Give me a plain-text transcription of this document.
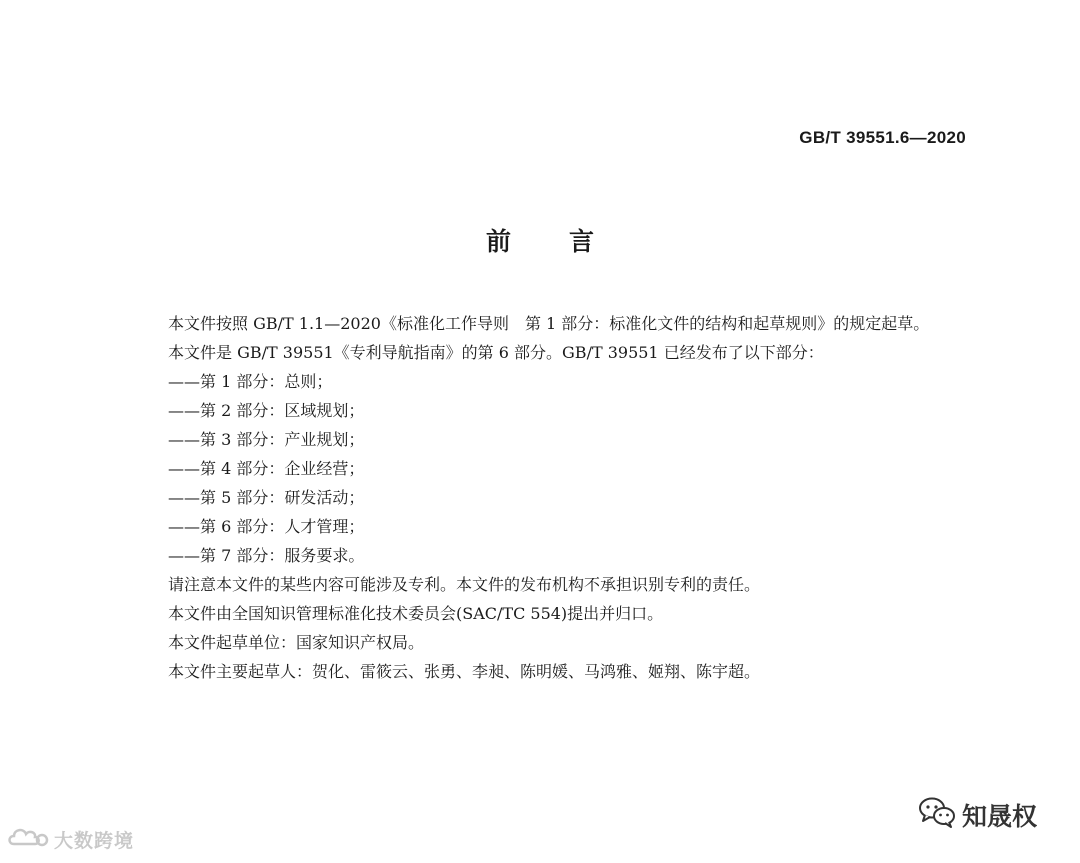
GB/T 39551.6—2020
前言

本文件按照 GB/T 1.1—2020《标准化工作导则　第 1 部分：标准化文件的结构和起草规则》的规定起草。

本文件是 GB/T 39551《专利导航指南》的第 6 部分。GB/T 39551 已经发布了以下部分：

——第 1 部分：总则；

——第 2 部分：区域规划；

——第 3 部分：产业规划；

——第 4 部分：企业经营；

——第 5 部分：研发活动；

——第 6 部分：人才管理；

——第 7 部分：服务要求。

请注意本文件的某些内容可能涉及专利。本文件的发布机构不承担识别专利的责任。

本文件由全国知识管理标准化技术委员会(SAC/TC 554)提出并归口。

本文件起草单位：国家知识产权局。

本文件主要起草人：贺化、雷筱云、张勇、李昶、陈明媛、马鸿雅、姬翔、陈宇超。

大数跨境
知晟权
